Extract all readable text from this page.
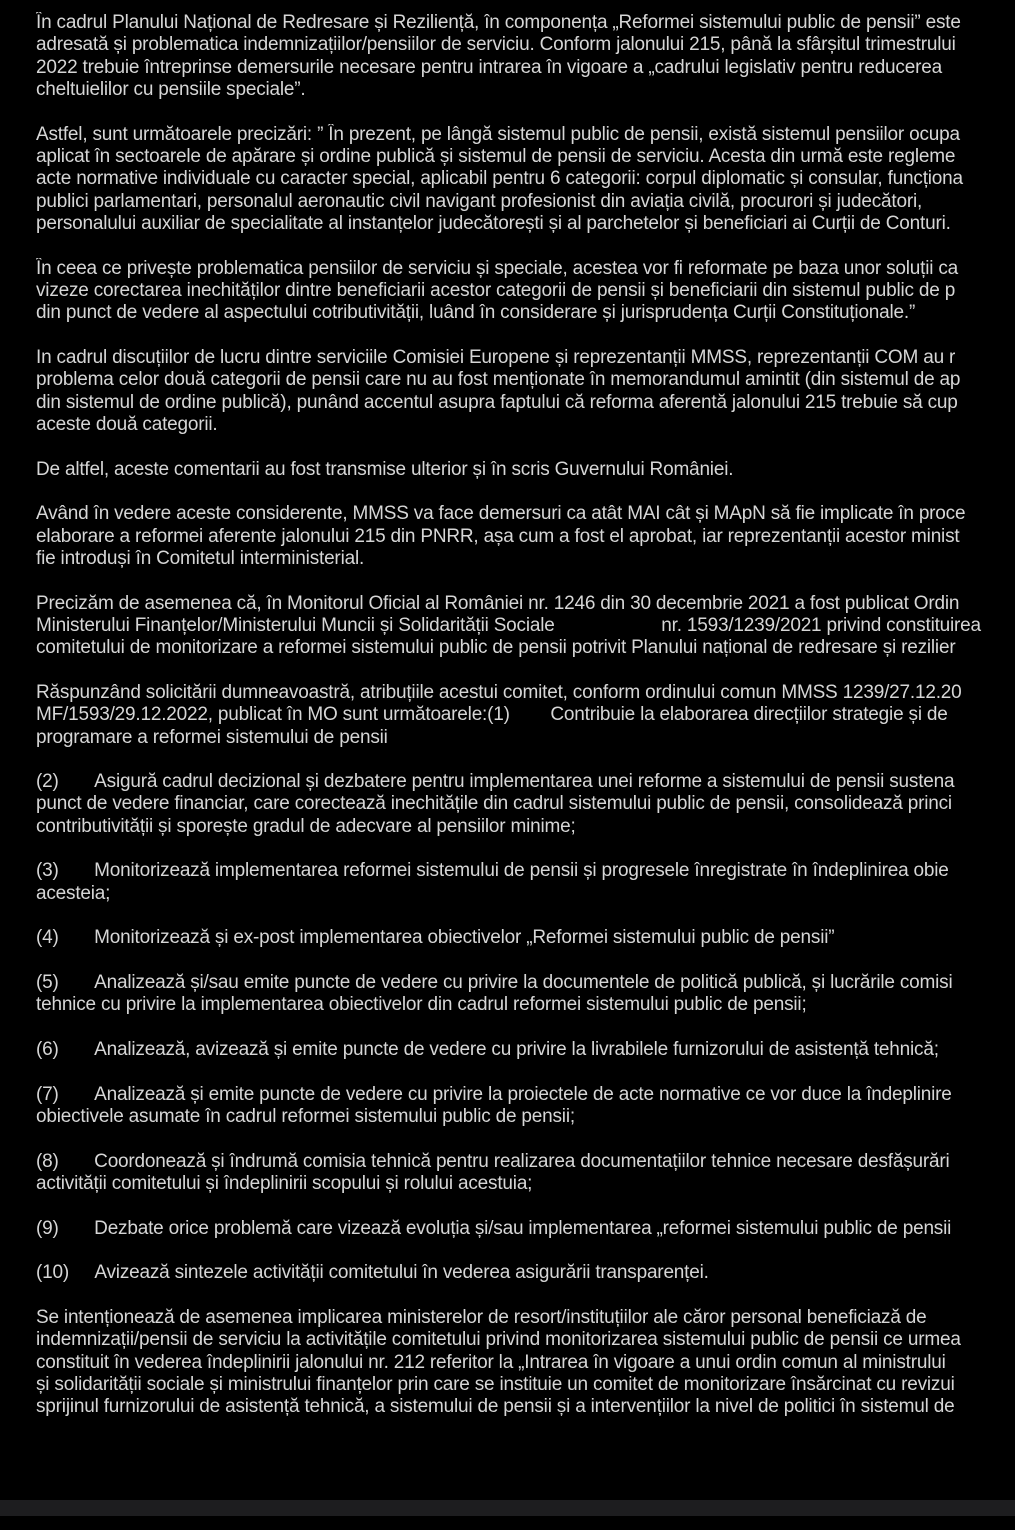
În cadrul Planului Național de Redresare și Reziliență, în componența „Reformei sistemului public de pensii” este
adresată și problematica indemnizațiilor/pensiilor de serviciu. Conform jalonului 215, până la sfârșitul trimestrului
2022 trebuie întreprinse demersurile necesare pentru intrarea în vigoare a „cadrului legislativ pentru reducerea
cheltuielilor cu pensiile speciale”.
Astfel, sunt următoarele precizări: ” În prezent, pe lângă sistemul public de pensii, există sistemul pensiilor ocupa
aplicat în sectoarele de apărare și ordine publică și sistemul de pensii de serviciu. Acesta din urmă este regleme
acte normative individuale cu caracter special, aplicabil pentru 6 categorii: corpul diplomatic și consular, funcționa
publici parlamentari, personalul aeronautic civil navigant profesionist din aviația civilă, procurori și judecători,
personalului auxiliar de specialitate al instanțelor judecătorești și al parchetelor și beneficiari ai Curții de Conturi.
În ceea ce privește problematica pensiilor de serviciu și speciale, acestea vor fi reformate pe baza unor soluții ca
vizeze corectarea inechităților dintre beneficiarii acestor categorii de pensii și beneficiarii din sistemul public de p
din punct de vedere al aspectului cotributivității, luând în considerare și jurisprudența Curții Constituționale.”
In cadrul discuțiilor de lucru dintre serviciile Comisiei Europene și reprezentanții MMSS, reprezentanții COM au r
problema celor două categorii de pensii care nu au fost menționate în memorandumul amintit (din sistemul de ap
din sistemul de ordine publică), punând accentul asupra faptului că reforma aferentă jalonului 215 trebuie să cup
aceste două categorii.
De altfel, aceste comentarii au fost transmise ulterior și în scris Guvernului României.
Având în vedere aceste considerente, MMSS va face demersuri ca atât MAI cât și MApN să fie implicate în proce
elaborare a reformei aferente jalonului 215 din PNRR, așa cum a fost el aprobat, iar reprezentanții acestor minist
fie introduși în Comitetul interministerial.
Precizăm de asemenea că, în Monitorul Oficial al României nr. 1246 din 30 decembrie 2021 a fost publicat Ordin
Ministerului Finanțelor/Ministerului Muncii și Solidarității Sociale                     nr. 1593/1239/2021 privind constituirea
comitetului de monitorizare a reformei sistemului public de pensii potrivit Planului național de redresare și rezilier
Răspunzând solicitării dumneavoastră, atribuțiile acestui comitet, conform ordinului comun MMSS 1239/27.12.20
MF/1593/29.12.2022, publicat în MO sunt următoarele:(1)        Contribuie la elaborarea direcțiilor strategie și de
programare a reformei sistemului de pensii
(2)       Asigură cadrul decizional și dezbatere pentru implementarea unei reforme a sistemului de pensii sustena
punct de vedere financiar, care corectează inechitățile din cadrul sistemului public de pensii, consolidează princi
contributivității și sporește gradul de adecvare al pensiilor minime;
(3)       Monitorizează implementarea reformei sistemului de pensii și progresele înregistrate în îndeplinirea obie
acesteia;
(4)       Monitorizează și ex-post implementarea obiectivelor „Reformei sistemului public de pensii”
(5)       Analizează și/sau emite puncte de vedere cu privire la documentele de politică publică, și lucrările comisi
tehnice cu privire la implementarea obiectivelor din cadrul reformei sistemului public de pensii;
(6)       Analizează, avizează și emite puncte de vedere cu privire la livrabilele furnizorului de asistență tehnică;
(7)       Analizează și emite puncte de vedere cu privire la proiectele de acte normative ce vor duce la îndeplinire
obiectivele asumate în cadrul reformei sistemului public de pensii;
(8)       Coordonează și îndrumă comisia tehnică pentru realizarea documentațiilor tehnice necesare desfășurări
activității comitetului și îndeplinirii scopului și rolului acestuia;
(9)       Dezbate orice problemă care vizează evoluția și/sau implementarea „reformei sistemului public de pensii
(10)     Avizează sintezele activității comitetului în vederea asigurării transparenței.
Se intenționează de asemenea implicarea ministerelor de resort/instituțiilor ale căror personal beneficiază de
indemnizații/pensii de serviciu la activitățile comitetului privind monitorizarea sistemului public de pensii ce urmea
constituit în vederea îndeplinirii jalonului nr. 212 referitor la „Intrarea în vigoare a unui ordin comun al ministrului
și solidarității sociale și ministrului finanțelor prin care se instituie un comitet de monitorizare însărcinat cu revizui
sprijinul furnizorului de asistență tehnică, a sistemului de pensii și a intervențiilor la nivel de politici în sistemul de
